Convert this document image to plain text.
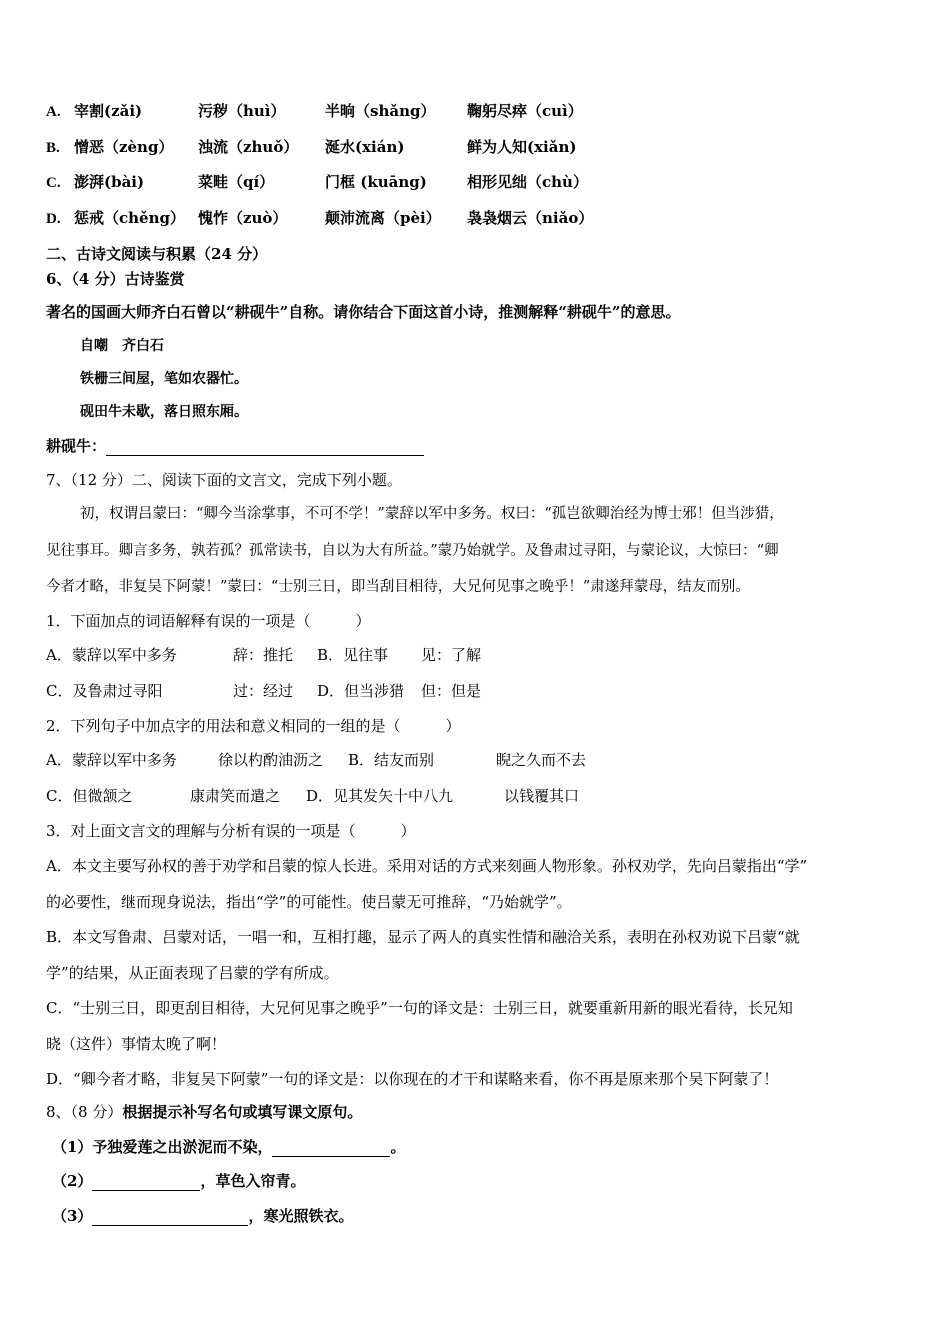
A. 宰割(zǎi)	污秽（huì）	半晌（shǎng） 鞠躬尽瘁（cuì）
B. 憎恶（zèng） 浊流（zhuǒ） 涎水(xián)	鲜为人知(xiǎn)
C. 澎湃(bài)	菜畦（qí）	门框 (kuāng)	相形见绌（chù）
D. 惩戒（chěng） 愧怍（zuò）	颠沛流离（pèi） 袅袅烟云（niǎo）
二、古诗文阅读与积累（24 分）
6、（4 分）古诗鉴赏
著名的国画大师齐白石曾以“耕砚牛”自称。请你结合下面这首小诗，推测解释“耕砚牛”的意思。
自嘲　齐白石
铁栅三间屋，笔如农器忙。
砚田牛未歇，落日照东厢。
耕砚牛：
7、（12 分）二、阅读下面的文言文，完成下列小题。
初，权谓吕蒙曰：“卿今当涂掌事，不可不学！”蒙辞以军中多务。权曰：“孤岂欲卿治经为博士邪！但当涉猎，
见往事耳。卿言多务，孰若孤？孤常读书，自以为大有所益。”蒙乃始就学。及鲁肃过寻阳，与蒙论议，大惊曰：“卿
今者才略，非复吴下阿蒙！”蒙曰：“士别三日，即当刮目相待，大兄何见事之晚乎！”肃遂拜蒙母，结友而别。
1．下面加点的词语解释有误的一项是（　　　）
A．蒙辞以军中多务	辞：推托 B．见往事 见：了解
C．及鲁肃过寻阳	过：经过 D．但当涉猎 但：但是
2．下列句子中加点字的用法和意义相同的一组的是（　　　）
A．蒙辞以军中多务	徐以杓酌油沥之 B．结友而别	睨之久而不去
C．但微颔之	康肃笑而遣之 D．见其发矢十中八九	以钱覆其口
3．对上面文言文的理解与分析有误的一项是（　　　）
A．本文主要写孙权的善于劝学和吕蒙的惊人长进。采用对话的方式来刻画人物形象。孙权劝学，先向吕蒙指出“学”
的必要性，继而现身说法，指出“学”的可能性。使吕蒙无可推辞，“乃始就学”。
B．本文写鲁肃、吕蒙对话，一唱一和，互相打趣，显示了两人的真实性情和融洽关系，表明在孙权劝说下吕蒙“就
学”的结果，从正面表现了吕蒙的学有所成。
C．“士别三日，即更刮目相待，大兄何见事之晚乎”一句的译文是：士别三日，就要重新用新的眼光看待，长兄知
晓（这件）事情太晚了啊！
D．“卿今者才略，非复吴下阿蒙”一句的译文是：以你现在的才干和谋略来看，你不再是原来那个吴下阿蒙了！
8、（8 分）根据提示补写名句或填写课文原句。
（1）予独爱莲之出淤泥而不染，	。
（2）	，草色入帘青。
（3）	，寒光照铁衣。
